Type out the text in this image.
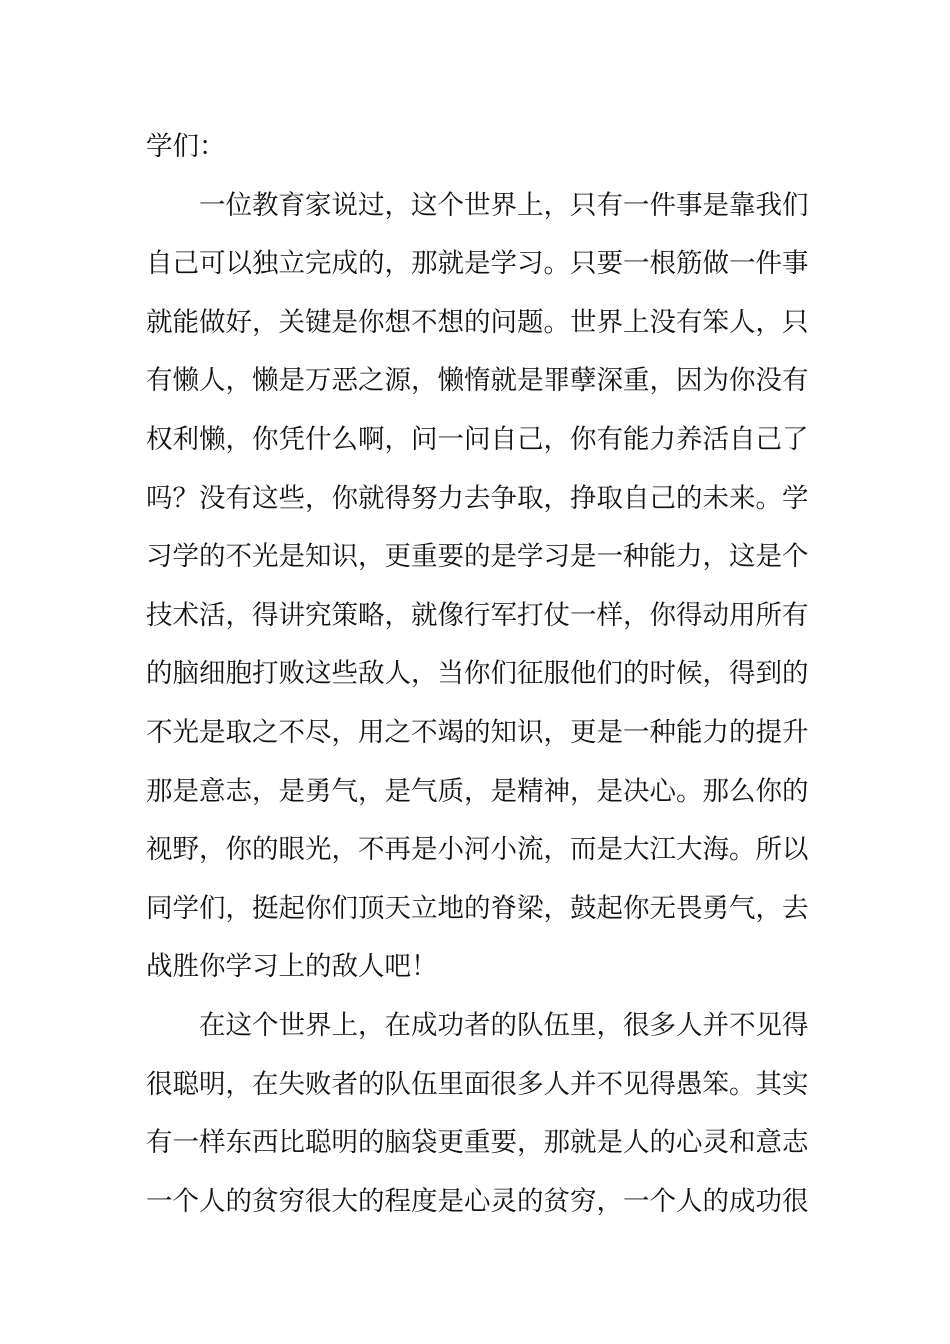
学们：
一位教育家说过，这个世界上，只有一件事是靠我们
自己可以独立完成的，那就是学习。只要一根筋做一件事
就能做好，关键是你想不想的问题。世界上没有笨人，只
有懒人，懒是万恶之源，懒惰就是罪孽深重，因为你没有
权利懒，你凭什么啊，问一问自己，你有能力养活自己了
吗？没有这些，你就得努力去争取，挣取自己的未来。学
习学的不光是知识，更重要的是学习是一种能力，这是个
技术活，得讲究策略，就像行军打仗一样，你得动用所有
的脑细胞打败这些敌人，当你们征服他们的时候，得到的
不光是取之不尽，用之不竭的知识，更是一种能力的提升
那是意志，是勇气，是气质，是精神，是决心。那么你的
视野，你的眼光，不再是小河小流，而是大江大海。所以
同学们，挺起你们顶天立地的脊梁，鼓起你无畏勇气，去
战胜你学习上的敌人吧！
在这个世界上，在成功者的队伍里，很多人并不见得
很聪明，在失败者的队伍里面很多人并不见得愚笨。其实
有一样东西比聪明的脑袋更重要，那就是人的心灵和意志
一个人的贫穷很大的程度是心灵的贫穷，一个人的成功很
